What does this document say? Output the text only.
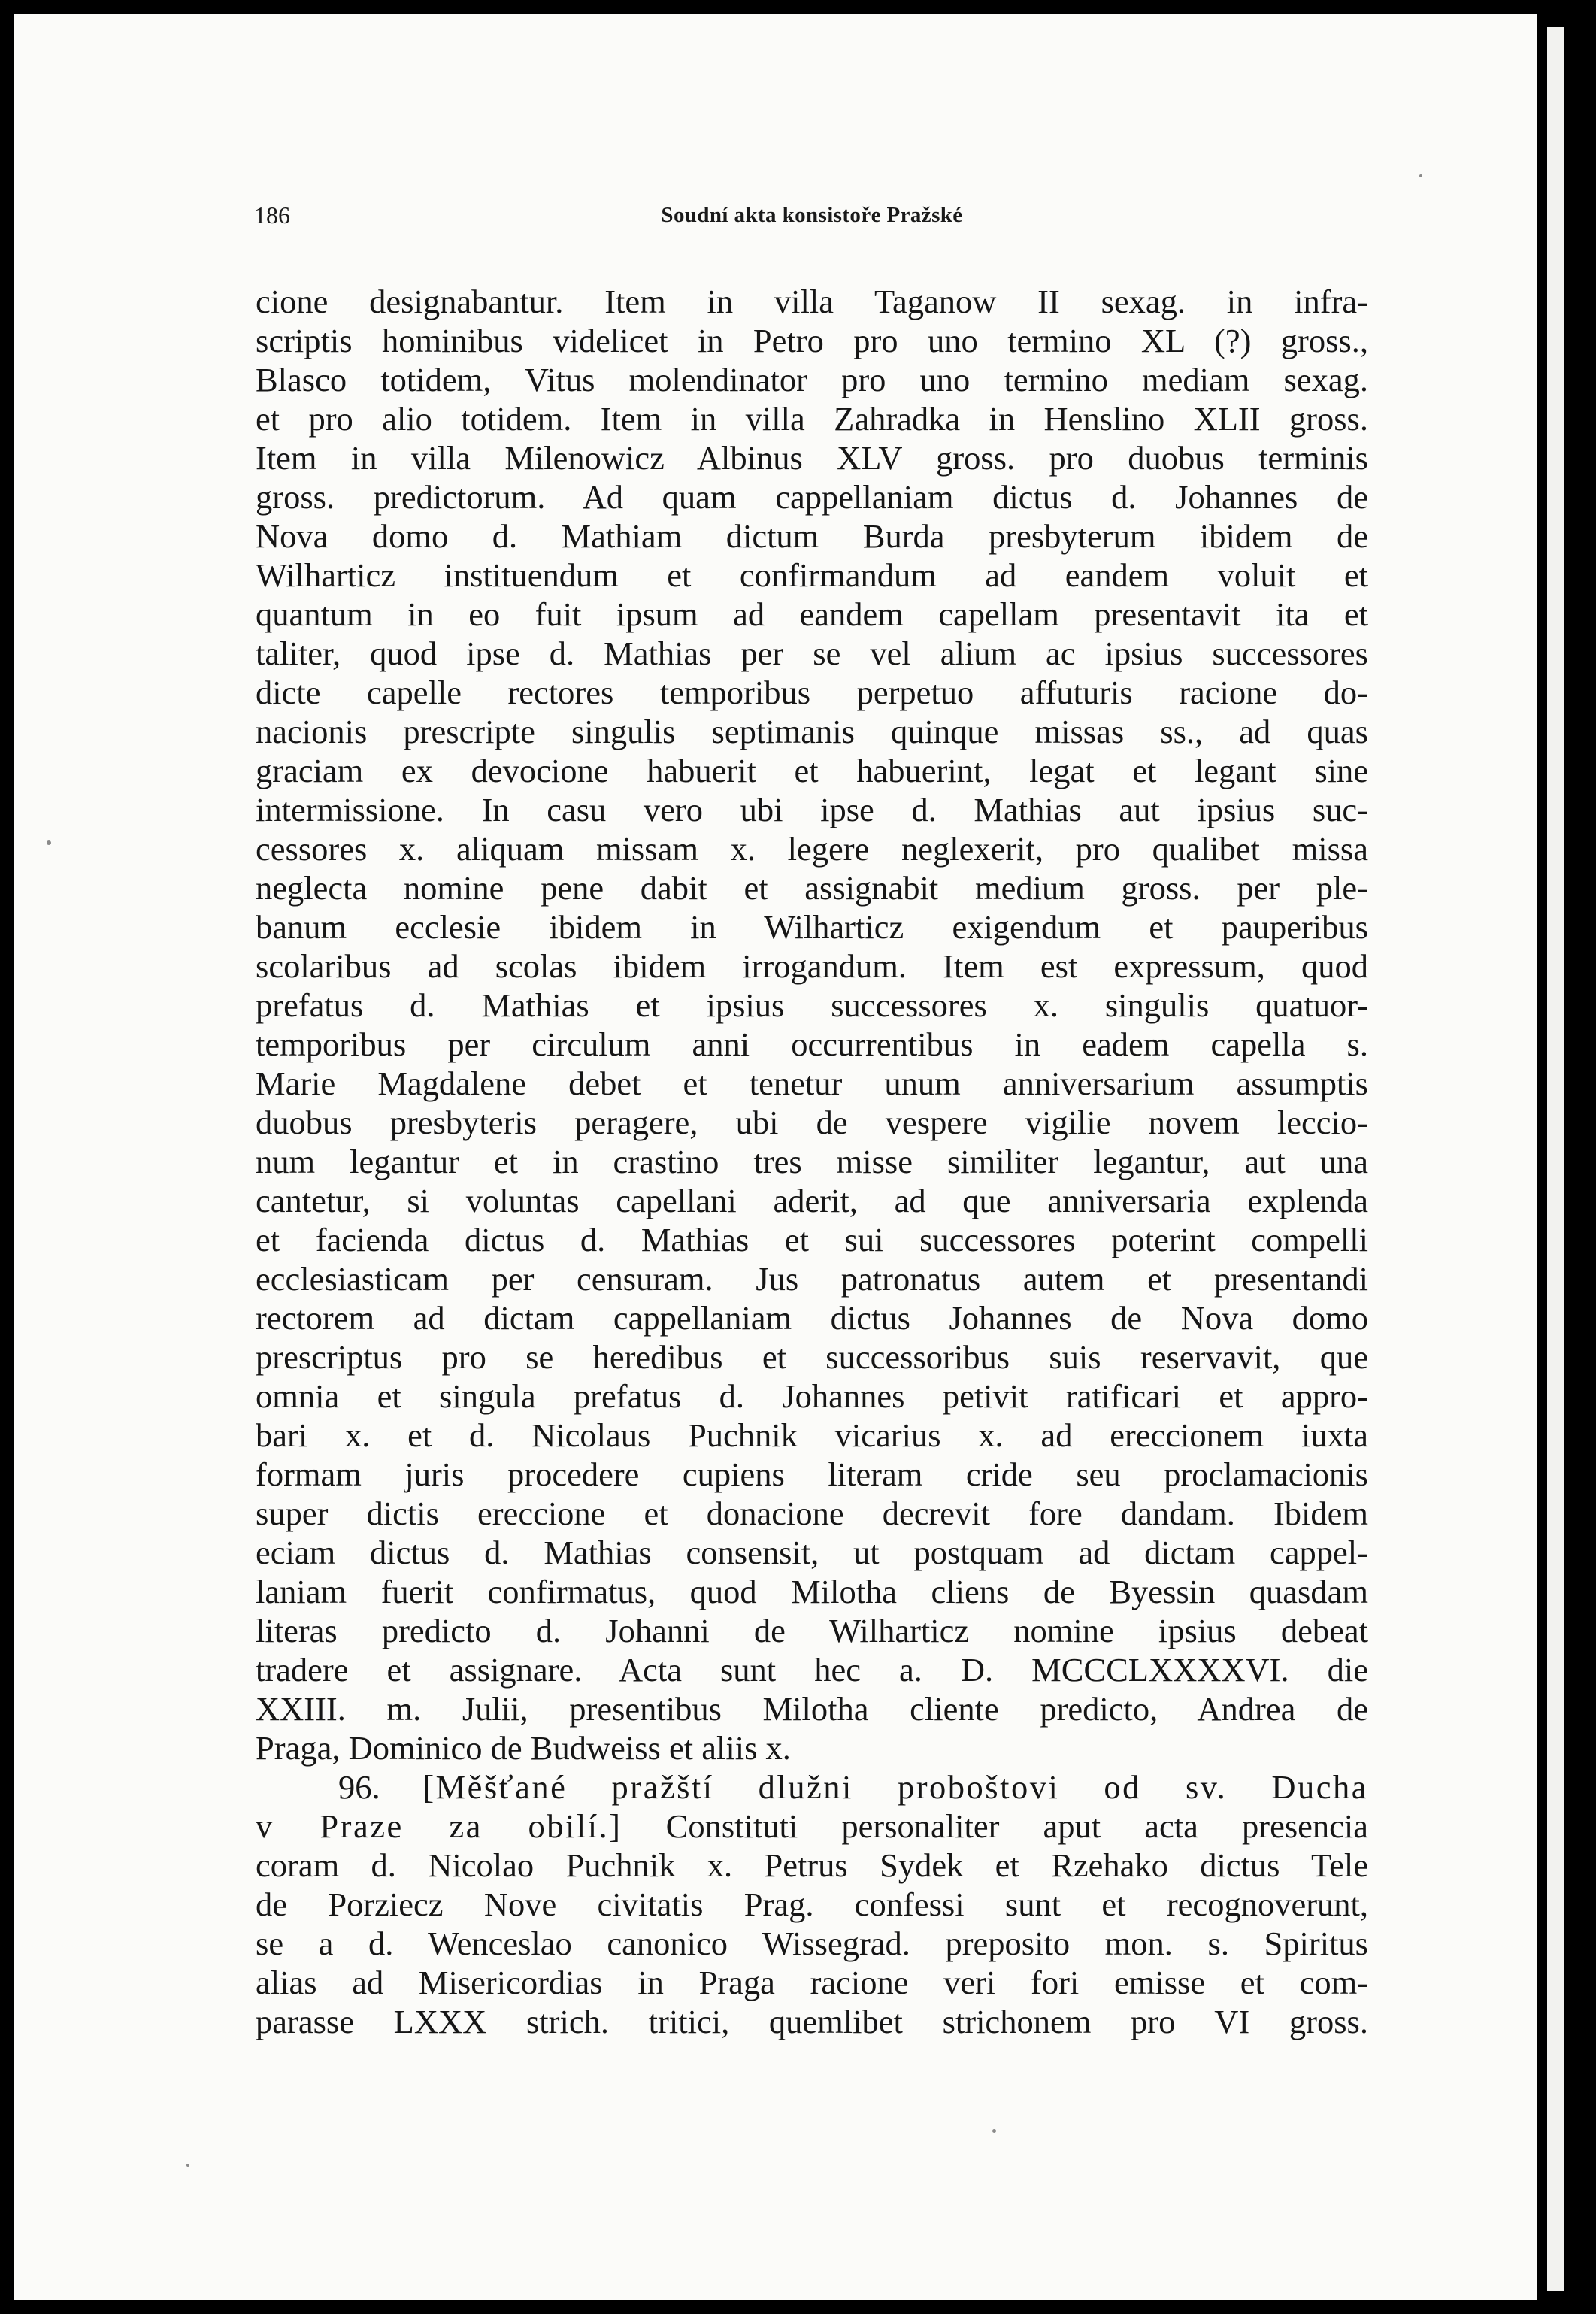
186	Soudní akta konsistoře Pražské
cione designabantur. Item in villa Taganow II sexag. in infra-
scriptis hominibus videlicet in Petro pro uno termino XL (?) gross.,
Blasco totidem, Vitus molendinator pro uno termino mediam sexag.
et pro alio totidem. Item in villa Zahradka in Henslino XLII gross.
Item in villa Milenowicz Albinus XLV gross. pro duobus terminis
gross. predictorum. Ad quam cappellaniam dictus d. Johannes de
Nova domo d. Mathiam dictum Burda presbyterum ibidem de
Wilharticz instituendum et confirmandum ad eandem voluit et
quantum in eo fuit ipsum ad eandem capellam presentavit ita et
taliter, quod ipse d. Mathias per se vel alium ac ipsius successores
dicte capelle rectores temporibus perpetuo affuturis racione do-
nacionis prescripte singulis septimanis quinque missas ss., ad quas
graciam ex devocione habuerit et habuerint, legat et legant sine
intermissione. In casu vero ubi ipse d. Mathias aut ipsius suc-
cessores x. aliquam missam x. legere neglexerit, pro qualibet missa
neglecta nomine pene dabit et assignabit medium gross. per ple-
banum ecclesie ibidem in Wilharticz exigendum et pauperibus
scolaribus ad scolas ibidem irrogandum. Item est expressum, quod
prefatus d. Mathias et ipsius successores x. singulis quatuor-
temporibus per circulum anni occurrentibus in eadem capella s.
Marie Magdalene debet et tenetur unum anniversarium assumptis
duobus presbyteris peragere, ubi de vespere vigilie novem leccio-
num legantur et in crastino tres misse similiter legantur, aut una
cantetur, si voluntas capellani aderit, ad que anniversaria explenda
et facienda dictus d. Mathias et sui successores poterint compelli
ecclesiasticam per censuram. Jus patronatus autem et presentandi
rectorem ad dictam cappellaniam dictus Johannes de Nova domo
prescriptus pro se heredibus et successoribus suis reservavit, que
omnia et singula prefatus d. Johannes petivit ratificari et appro-
bari x. et d. Nicolaus Puchnik vicarius x. ad ereccionem iuxta
formam juris procedere cupiens literam cride seu proclamacionis
super dictis ereccione et donacione decrevit fore dandam. Ibidem
eciam dictus d. Mathias consensit, ut postquam ad dictam cappel-
laniam fuerit confirmatus, quod Milotha cliens de Byessin quasdam
literas predicto d. Johanni de Wilharticz nomine ipsius debeat
tradere et assignare. Acta sunt hec a. D. MCCCLXXXXVI. die
XXIII. m. Julii, presentibus Milotha cliente predicto, Andrea de
Praga, Dominico de Budweiss et aliis x.
96. [Měšťané pražští dlužni proboštovi od sv. Ducha
v Praze za obilí.] Constituti personaliter aput acta presencia
coram d. Nicolao Puchnik x. Petrus Sydek et Rzehako dictus Tele
de Porziecz Nove civitatis Prag. confessi sunt et recognoverunt,
se a d. Wenceslao canonico Wissegrad. preposito mon. s. Spiritus
alias ad Misericordias in Praga racione veri fori emisse et com-
parasse LXXX strich. tritici, quemlibet strichonem pro VI gross.
